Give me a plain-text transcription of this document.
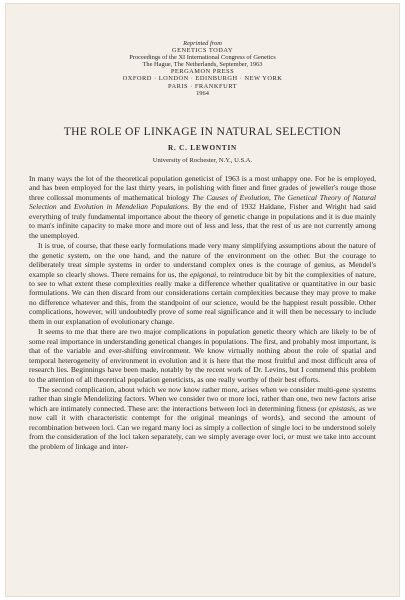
Reprinted from
GENETICS TODAY
Proceedings of the XI International Congress of Genetics
The Hague, The Netherlands, September, 1963
PERGAMON PRESS
OXFORD · LONDON · EDINBURGH · NEW YORK
PARIS · FRANKFURT
1964
THE ROLE OF LINKAGE IN NATURAL SELECTION
R. C. LEWONTIN
University of Rochester, N.Y., U.S.A.

In many ways the lot of the theoretical population geneticist of 1963 is a most unhappy one. For he is employed, and has been employed for the last thirty years, in polishing with finer and finer grades of jeweller's rouge those three collossal monuments of mathematical biology The Causes of Evolution, The Genetical Theory of Natural Selection and Evolution in Mendelian Populations. By the end of 1932 Haldane, Fisher and Wright had said everything of truly fundamental importance about the theory of genetic change in populations and it is due mainly to man's infinite capacity to make more and more out of less and less, that the rest of us are not currently among the unemployed.

It is true, of course, that these early formulations made very many simplifying assumptions about the nature of the genetic system, on the one hand, and the nature of the environment on the other. But the courage to deliberately treat simple systems in order to understand complex ones is the courage of genius, as Mendel's example so clearly shows. There remains for us, the epigonai, to reintroduce bit by bit the complexities of nature, to see to what extent these complexities really make a difference whether qualitative or quantitative in our basic formulations. We can then discard from our considerations certain complexities because they may prove to make no difference whatever and this, from the standpoint of our science, would be the happiest result possible. Other complications, however, will undoubtedly prove of some real significance and it will then be necessary to include them in our explanation of evolutionary change.

It seems to me that there are two major complications in population genetic theory which are likely to be of some real importance in understanding genetical changes in populations. The first, and probably most important, is that of the variable and ever-shifting environment. We know virtually nothing about the role of spatial and temporal heterogeneity of environment in evolution and it is here that the most fruitful and most difficult area of research lies. Beginnings have been made, notably by the recent work of Dr. Levins, but I commend this problem to the attention of all theoretical population geneticists, as one really worthy of their best efforts.

The second complication, about which we now know rather more, arises when we consider multi-gene systems rather than single Mendelizing factors. When we consider two or more loci, rather than one, two new factors arise which are intimately connected. These are: the interactions between loci in determining fitness (or epistasis, as we now call it with characteristic contempt for the original meanings of words), and second the amount of recombination between loci. Can we regard many loci as simply a collection of single loci to be understood solely from the consideration of the loci taken separately, can we simply average over loci, or must we take into account the problem of linkage and inter-
